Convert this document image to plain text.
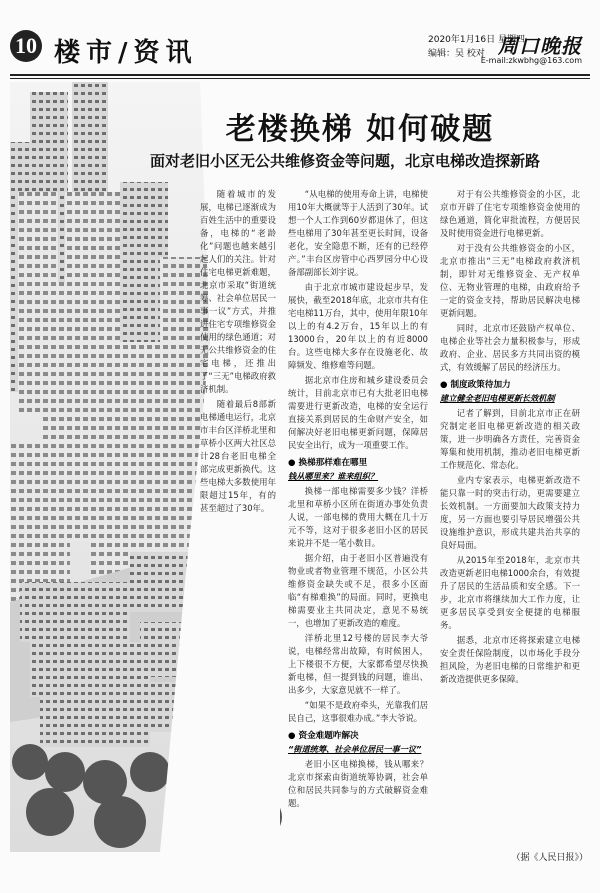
10 楼市/资讯	2020年1月16日 星期四
编辑：吴 校对 周口晚报
E-mail:zkwbhg@163.com
老楼换梯 如何破题
面对老旧小区无公共维修资金等问题，北京电梯改造探新路

随着城市的发展，电梯已逐渐成为百姓生活中的重要设备，电梯的“老龄化”问题也越来越引起人们的关注。针对住宅电梯更新难题，北京市采取“街道统筹、社会单位居民一事一议”方式，并推进住宅专项维修资金使用的绿色通道；对无公共维修资金的住宅电梯，还推出了“三无”电梯政府救济机制。

随着最后8部新电梯通电运行，北京市丰台区洋桥北里和草桥小区两大社区总计28台老旧电梯全部完成更新换代。这些电梯大多数使用年限超过15年，有的甚至超过了30年。

“从电梯的使用寿命上讲，电梯使用10年大概就等于人活到了30年。试想一个人工作到60岁都退休了，但这些电梯用了30年甚至更长时间，设备老化，安全隐患不断，还有的已经停产。”丰台区房管中心西罗园分中心设备部副部长刘宇说。

由于北京市城市建设起步早，发展快，截至2018年底，北京市共有住宅电梯11万台，其中，使用年限10年以上的有4.2万台，15年以上的有13000台，20年以上的有近8000台。这些电梯大多存在设施老化、故障频发、维修难等问题。

据北京市住房和城乡建设委员会统计，目前北京市已有大批老旧电梯需要进行更新改造，电梯的安全运行直接关系到居民的生命财产安全，如何解决好老旧电梯更新问题，保障居民安全出行，成为一项重要工作。

● 换梯那样难在哪里
钱从哪里来？谁来组织？

换梯一部电梯需要多少钱？洋桥北里和草桥小区所在街道办事处负责人说，一部电梯的费用大概在几十万元不等，这对于很多老旧小区的居民来说并不是一笔小数目。

据介绍，由于老旧小区普遍没有物业或者物业管理不规范，小区公共维修资金缺失或不足，很多小区面临“有梯难换”的局面。同时，更换电梯需要业主共同决定，意见不易统一，也增加了更新改造的难度。

洋桥北里12号楼的居民李大爷说，电梯经常出故障，有时候困人，上下楼很不方便，大家都希望尽快换新电梯，但一提到钱的问题，谁出、出多少，大家意见就不一样了。

“如果不是政府牵头，光靠我们居民自己，这事很难办成。”李大爷说。

● 资金难题咋解决
“街道统筹、社会单位居民一事一议”

老旧小区电梯换梯，钱从哪来？北京市探索由街道统筹协调，社会单位和居民共同参与的方式破解资金难题。

对于有公共维修资金的小区，北京市开辟了住宅专项维修资金使用的绿色通道，简化审批流程，方便居民及时使用资金进行电梯更新。

对于没有公共维修资金的小区，北京市推出“三无”电梯政府救济机制，即针对无维修资金、无产权单位、无物业管理的电梯，由政府给予一定的资金支持，帮助居民解决电梯更新问题。

同时，北京市还鼓励产权单位、电梯企业等社会力量积极参与，形成政府、企业、居民多方共同出资的模式，有效缓解了居民的经济压力。

● 制度政策待加力
建立健全老旧电梯更新长效机制

记者了解到，目前北京市正在研究制定老旧电梯更新改造的相关政策，进一步明确各方责任，完善资金筹集和使用机制，推动老旧电梯更新工作规范化、常态化。

业内专家表示，电梯更新改造不能只靠一时的突击行动，更需要建立长效机制。一方面要加大政策支持力度，另一方面也要引导居民增强公共设施维护意识，形成共建共治共享的良好局面。

从2015年至2018年，北京市共改造更新老旧电梯1000余台，有效提升了居民的生活品质和安全感。下一步，北京市将继续加大工作力度，让更多居民享受到安全便捷的电梯服务。

据悉，北京市还将探索建立电梯安全责任保险制度，以市场化手段分担风险，为老旧电梯的日常维护和更新改造提供更多保障。

（据《人民日报》）
